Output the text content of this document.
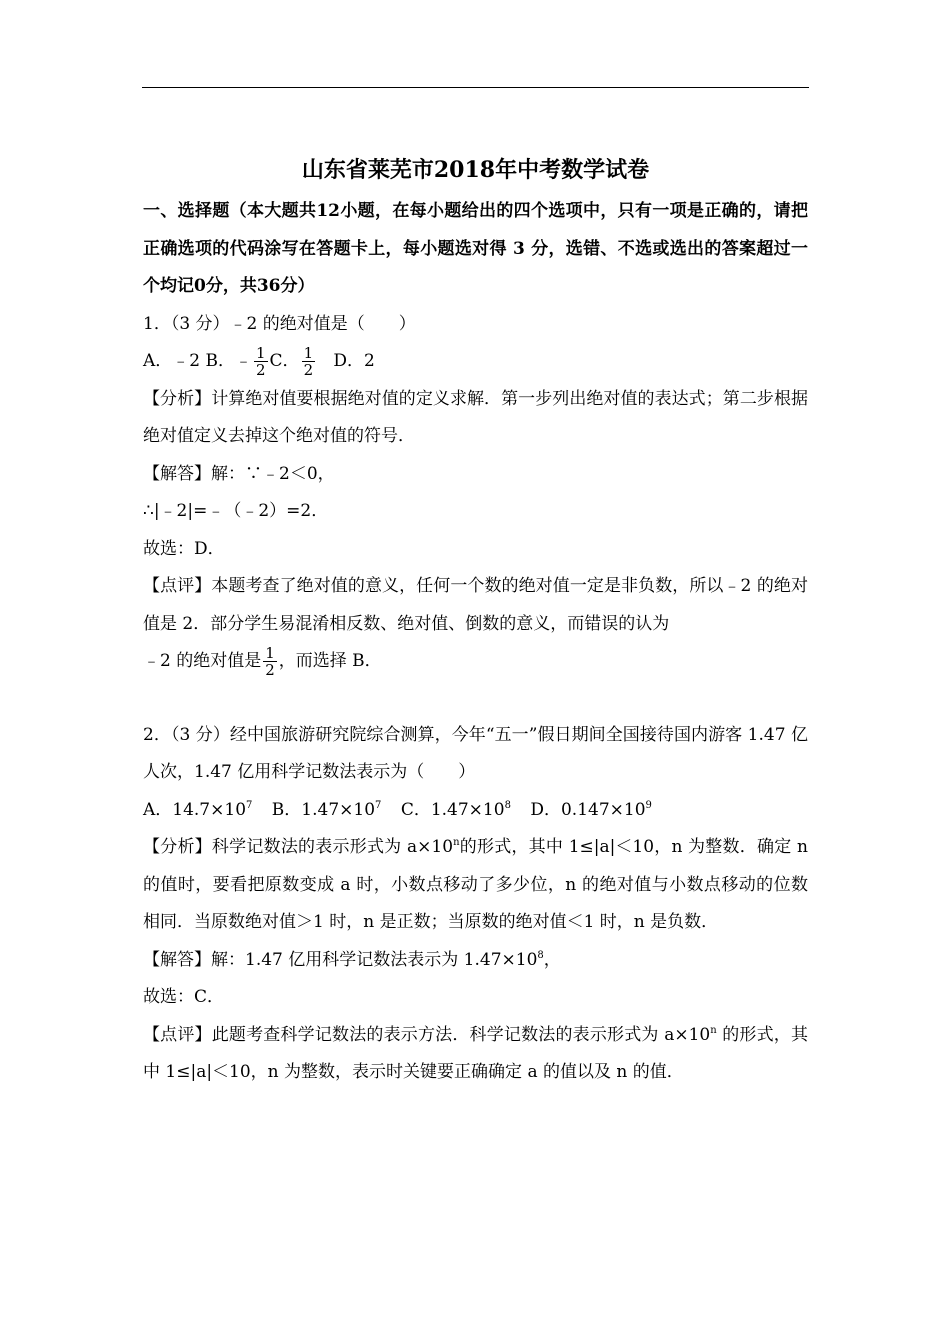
山东省莱芜市2018年中考数学试卷

一、选择题（本大题共12小题，在每小题给出的四个选项中，只有一项是正确的，请把正确选项的代码涂写在答题卡上，每小题选对得 3 分，选错、不选或选出的答案超过一个均记0分，共36分）

1．（3 分）﹣2 的绝对值是（　　）

A．﹣2 B．﹣ $\frac{1}{2}$ C． $\frac{1}{2}$ D．2

【分析】计算绝对值要根据绝对值的定义求解．第一步列出绝对值的表达式；第二步根据绝对值定义去掉这个绝对值的符号．

【解答】解：∵﹣2＜0，

∴|﹣2|=﹣（﹣2）=2．

故选：D．

【点评】本题考查了绝对值的意义，任何一个数的绝对值一定是非负数，所以﹣2 的绝对值是 2．部分学生易混淆相反数、绝对值、倒数的意义，而错误的认为

﹣2 的绝对值是 $\frac{1}{2}$ ，而选择 B．

2．（3 分）经中国旅游研究院综合测算，今年“五一”假日期间全国接待国内游客 1.47 亿人次，1.47 亿用科学记数法表示为（　　）

A．$14.7\times 10^7$ B．$1.47\times 10^7$ C．$1.47\times 10^8$ D．$0.147\times 10^9$

【分析】科学记数法的表示形式为 $a\times 10^n$的形式，其中 1≤|a|＜10，n 为整数．确定 n 的值时，要看把原数变成 a 时，小数点移动了多少位，n 的绝对值与小数点移动的位数相同．当原数绝对值＞1 时，n 是正数；当原数的绝对值＜1 时，n 是负数．

【解答】解：1.47 亿用科学记数法表示为 $1.47\times 10^8$，

故选：C．

【点评】此题考查科学记数法的表示方法．科学记数法的表示形式为 $a\times 10^n$ 的形式，其中 1≤|a|＜10，n 为整数，表示时关键要正确确定 a 的值以及 n 的值．
